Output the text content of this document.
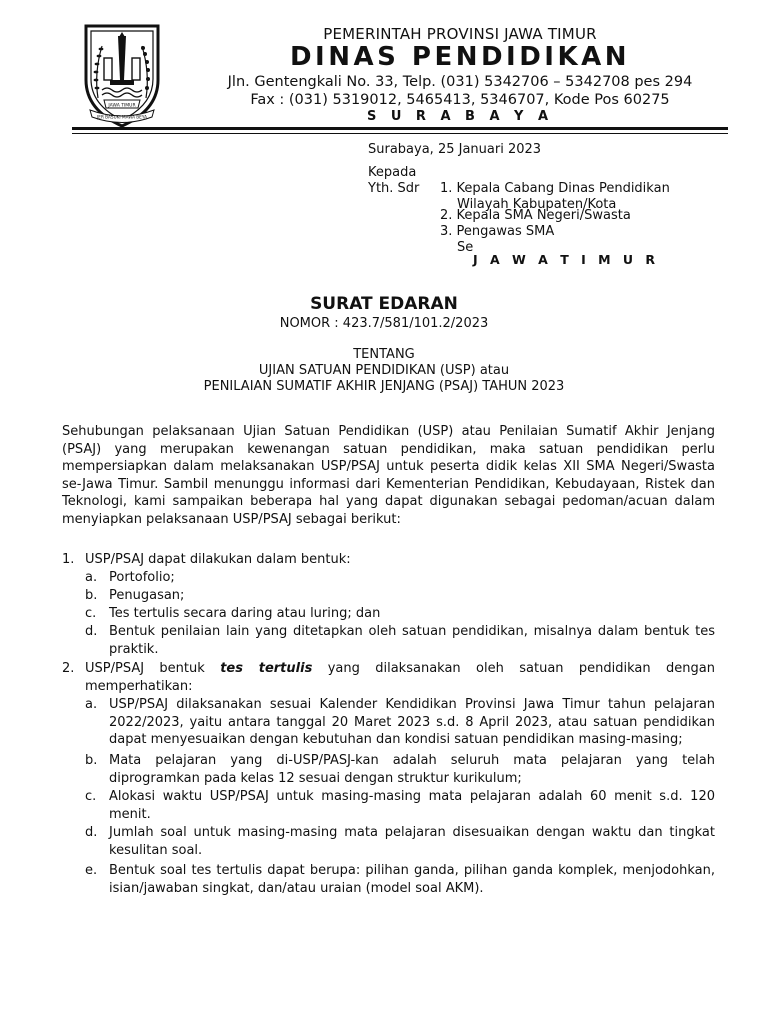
JAWA TIMUR
JER BASUKI MAWA BEYA
PEMERINTAH PROVINSI JAWA TIMUR
DINAS PENDIDIKAN
Jln. Gentengkali No. 33, Telp. (031) 5342706 – 5342708 pes 294
Fax : (031) 5319012, 5465413, 5346707, Kode Pos 60275
S U R A B A Y A
Surabaya, 25 Januari 2023
Kepada
Yth. Sdr 1. Kepala Cabang Dinas Pendidikan
Wilayah Kabupaten/Kota
2. Kepala SMA Negeri/Swasta
3. Pengawas SMA
Se
J A W A T I M U R
SURAT EDARAN
NOMOR : 423.7/581/101.2/2023
TENTANG
UJIAN SATUAN PENDIDIKAN (USP) atau
PENILAIAN SUMATIF AKHIR JENJANG (PSAJ) TAHUN 2023
Sehubungan pelaksanaan Ujian Satuan Pendidikan (USP) atau Penilaian Sumatif Akhir Jenjang (PSAJ) yang merupakan kewenangan satuan pendidikan, maka satuan pendidikan perlu mempersiapkan dalam melaksanakan USP/PSAJ untuk peserta didik kelas XII SMA Negeri/Swasta se-Jawa Timur. Sambil menunggu informasi dari Kementerian Pendidikan, Kebudayaan, Ristek dan Teknologi, kami sampaikan beberapa hal yang dapat digunakan sebagai pedoman/acuan dalam menyiapkan pelaksanaan USP/PSAJ sebagai berikut:
1. USP/PSAJ dapat dilakukan dalam bentuk:
a. Portofolio;
b. Penugasan;
c. Tes tertulis secara daring atau luring; dan
d. Bentuk penilaian lain yang ditetapkan oleh satuan pendidikan, misalnya dalam bentuk tes praktik.
2. USP/PSAJ bentuk tes tertulis yang dilaksanakan oleh satuan pendidikan dengan memperhatikan:
a. USP/PSAJ dilaksanakan sesuai Kalender Kendidikan Provinsi Jawa Timur tahun pelajaran 2022/2023, yaitu antara tanggal 20 Maret 2023 s.d. 8 April 2023, atau satuan pendidikan dapat menyesuaikan dengan kebutuhan dan kondisi satuan pendidikan masing-masing;
b. Mata pelajaran yang di-USP/PASJ-kan adalah seluruh mata pelajaran yang telah diprogramkan pada kelas 12 sesuai dengan struktur kurikulum;
c. Alokasi waktu USP/PSAJ untuk masing-masing mata pelajaran adalah 60 menit s.d. 120 menit.
d. Jumlah soal untuk masing-masing mata pelajaran disesuaikan dengan waktu dan tingkat kesulitan soal.
e. Bentuk soal tes tertulis dapat berupa: pilihan ganda, pilihan ganda komplek, menjodohkan, isian/jawaban singkat, dan/atau uraian (model soal AKM).
